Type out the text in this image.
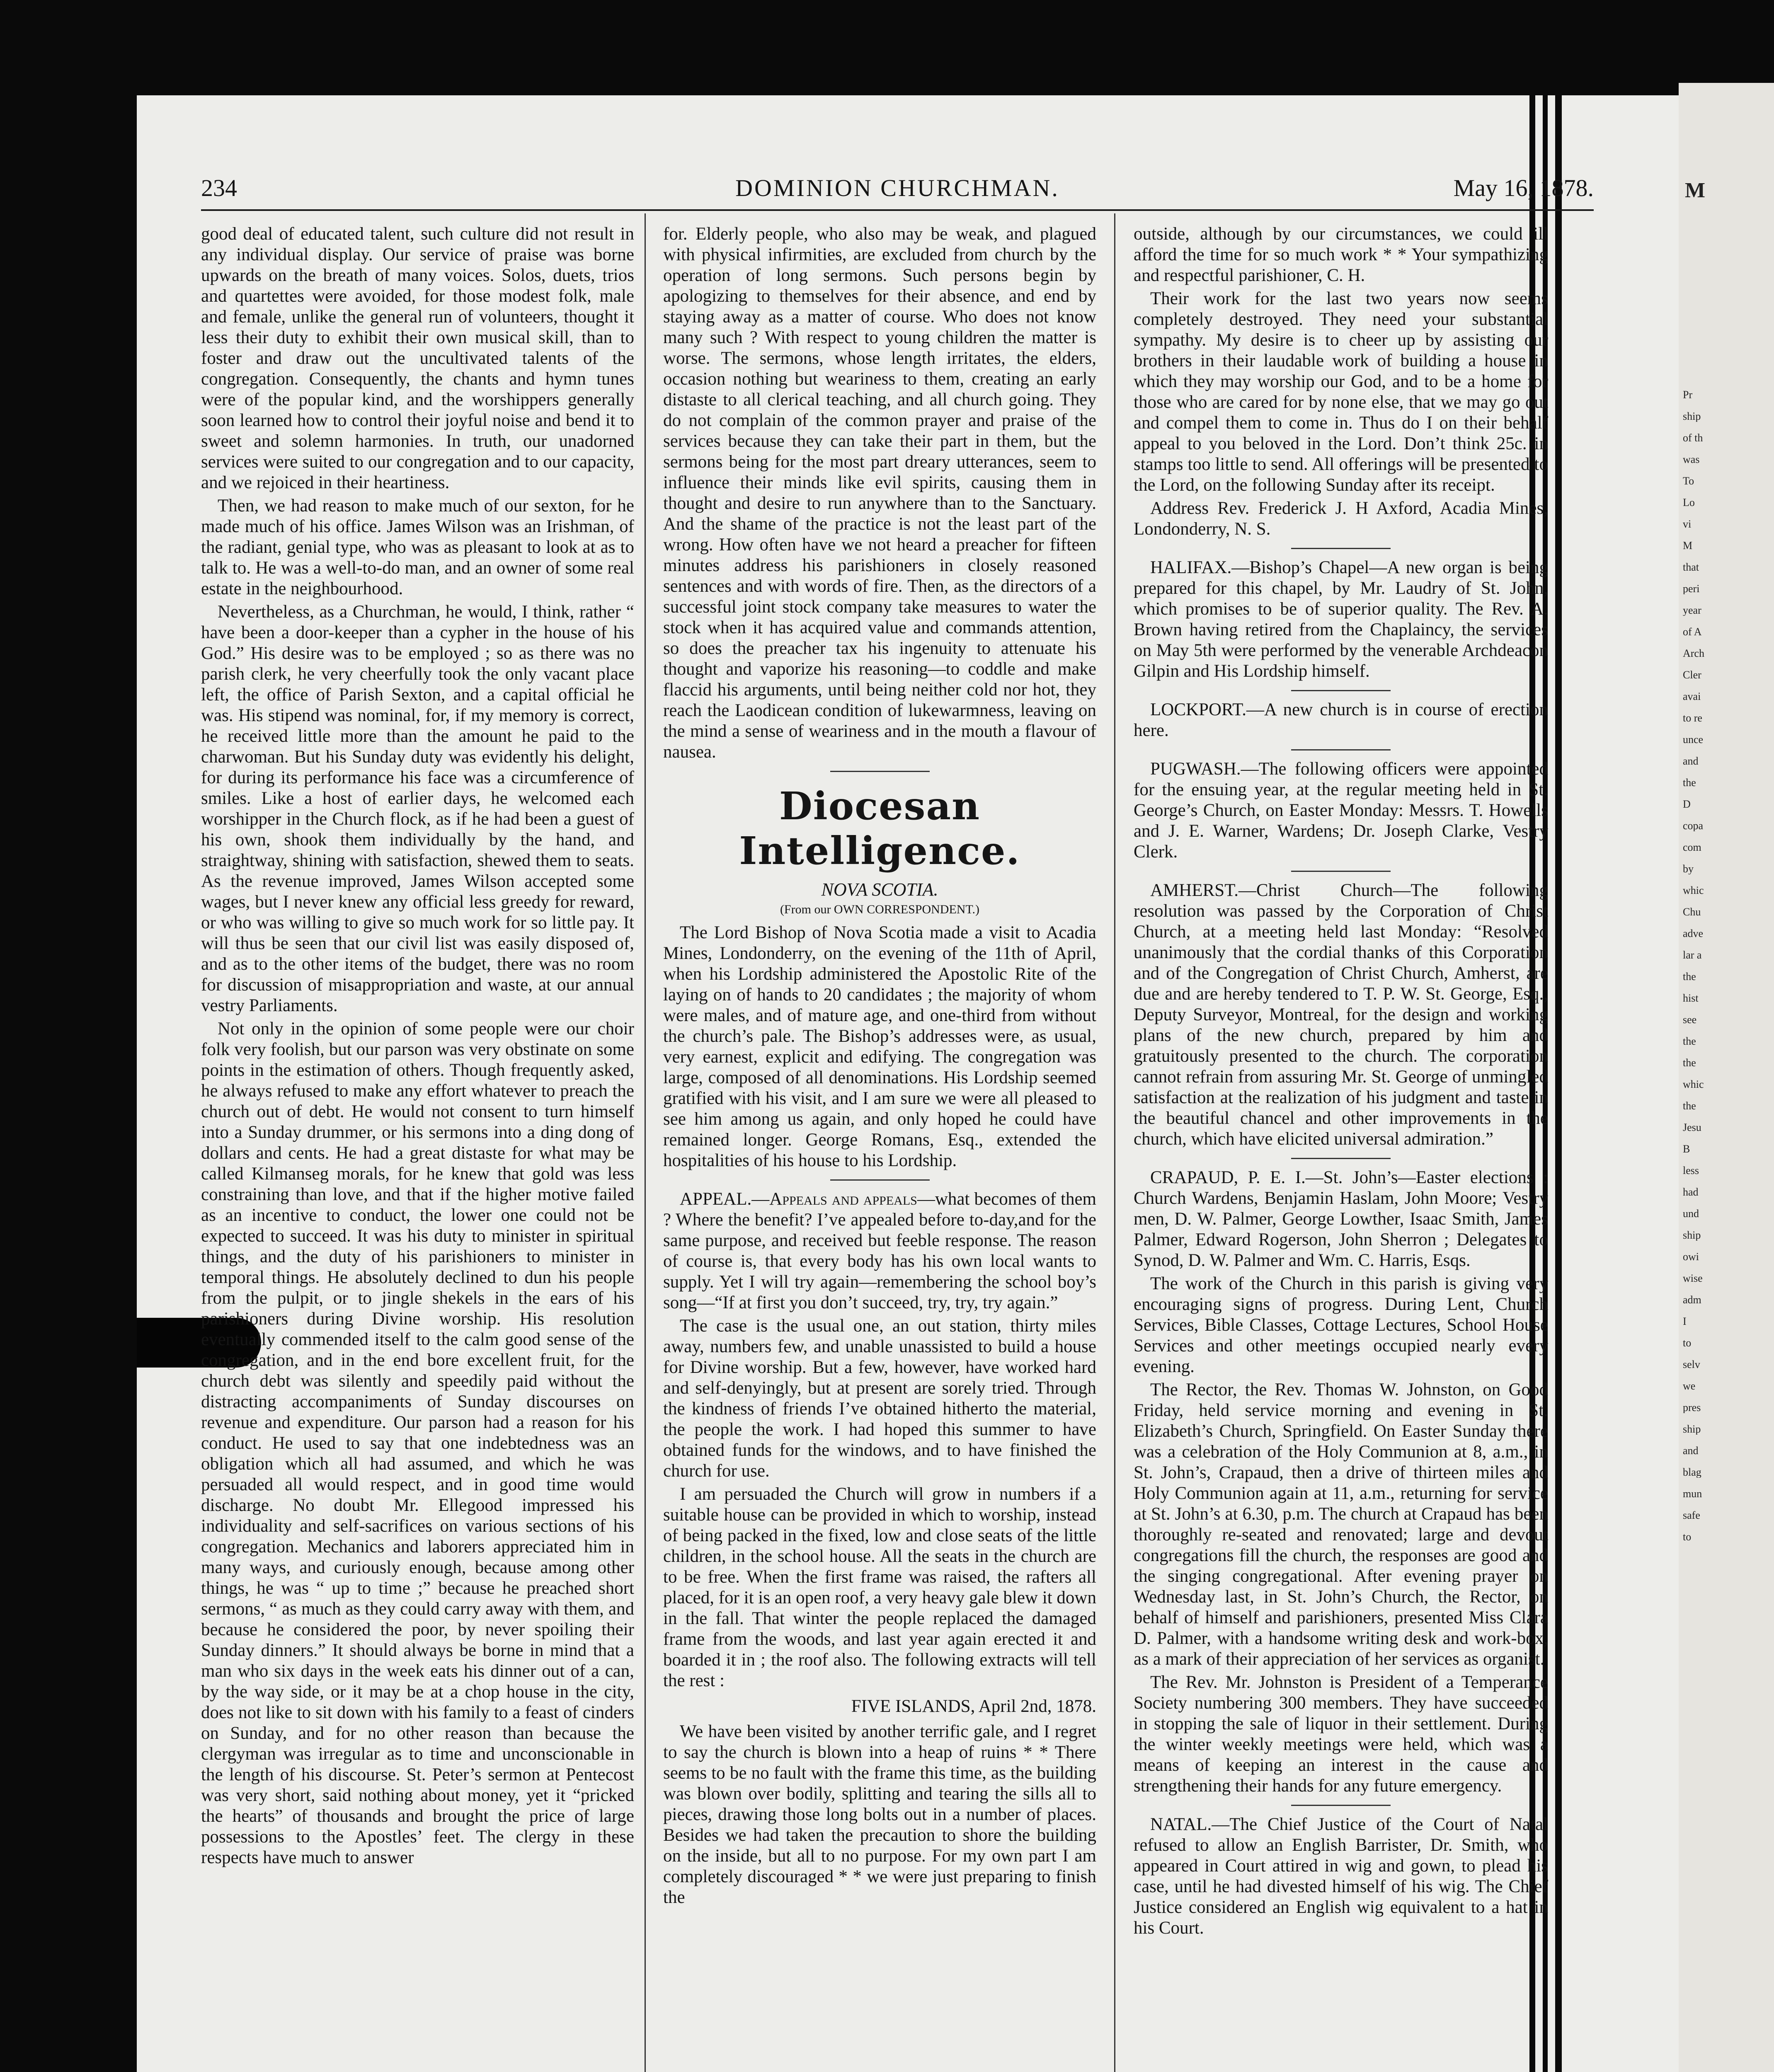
M
Pr
ship
of th
was
To
Lo
vi
M
that
peri
year
of A
Arch
Cler
avai
to re
unce
and
the
D
copa
com
by
whic
Chu
adve
lar a
the
hist
see
the
the
whic
the
Jesu
B
less
had
und
ship
owi
wise
adm
I
to
selv
we
pres
ship
and
blag
mun
safe
to
DOMINION CHURCHMAN.
234	May 16, 1878.

good deal of educated talent, such culture did not result in any individual display. Our service of praise was borne upwards on the breath of many voices. Solos, duets, trios and quartettes were avoided, for those modest folk, male and female, unlike the general run of volunteers, thought it less their duty to exhibit their own musical skill, than to foster and draw out the uncultivated talents of the congregation. Consequently, the chants and hymn tunes were of the popular kind, and the worshippers generally soon learned how to control their joyful noise and bend it to sweet and solemn harmonies. In truth, our unadorned services were suited to our congregation and to our capacity, and we rejoiced in their heartiness.

Then, we had reason to make much of our sexton, for he made much of his office. James Wilson was an Irishman, of the radiant, genial type, who was as pleasant to look at as to talk to. He was a well-to-do man, and an owner of some real estate in the neighbourhood.

Nevertheless, as a Churchman, he would, I think, rather “ have been a door-keeper than a cypher in the house of his God.” His desire was to be employed ; so as there was no parish clerk, he very cheerfully took the only vacant place left, the office of Parish Sexton, and a capital official he was. His stipend was nominal, for, if my memory is correct, he received little more than the amount he paid to the charwoman. But his Sunday duty was evidently his delight, for during its performance his face was a circumference of smiles. Like a host of earlier days, he welcomed each worshipper in the Church flock, as if he had been a guest of his own, shook them individually by the hand, and straightway, shining with satisfaction, shewed them to seats. As the revenue improved, James Wilson accepted some wages, but I never knew any official less greedy for reward, or who was willing to give so much work for so little pay. It will thus be seen that our civil list was easily disposed of, and as to the other items of the budget, there was no room for discussion of misappropriation and waste, at our annual vestry Parliaments.

Not only in the opinion of some people were our choir folk very foolish, but our parson was very obstinate on some points in the estimation of others. Though frequently asked, he always refused to make any effort whatever to preach the church out of debt. He would not consent to turn himself into a Sunday drummer, or his sermons into a ding dong of dollars and cents. He had a great distaste for what may be called Kilmanseg morals, for he knew that gold was less constraining than love, and that if the higher motive failed as an incentive to conduct, the lower one could not be expected to succeed. It was his duty to minister in spiritual things, and the duty of his parishioners to minister in temporal things. He absolutely declined to dun his people from the pulpit, or to jingle shekels in the ears of his parishioners during Divine worship. His resolution eventually commended itself to the calm good sense of the congregation, and in the end bore excellent fruit, for the church debt was silently and speedily paid without the distracting accompaniments of Sunday discourses on revenue and expenditure. Our parson had a reason for his conduct. He used to say that one indebtedness was an obligation which all had assumed, and which he was persuaded all would respect, and in good time would discharge. No doubt Mr. Ellegood impressed his individuality and self-sacrifices on various sections of his congregation. Mechanics and laborers appreciated him in many ways, and curiously enough, because among other things, he was “ up to time ;” because he preached short sermons, “ as much as they could carry away with them, and because he considered the poor, by never spoiling their Sunday dinners.” It should always be borne in mind that a man who six days in the week eats his dinner out of a can, by the way side, or it may be at a chop house in the city, does not like to sit down with his family to a feast of cinders on Sunday, and for no other reason than because the clergyman was irregular as to time and unconscionable in the length of his discourse. St. Peter’s sermon at Pentecost was very short, said nothing about money, yet it “pricked the hearts” of thousands and brought the price of large possessions to the Apostles’ feet. The clergy in these respects have much to answer

for. Elderly people, who also may be weak, and plagued with physical infirmities, are excluded from church by the operation of long sermons. Such persons begin by apologizing to themselves for their absence, and end by staying away as a matter of course. Who does not know many such ? With respect to young children the matter is worse. The sermons, whose length irritates, the elders, occasion nothing but weariness to them, creating an early distaste to all clerical teaching, and all church going. They do not complain of the common prayer and praise of the services because they can take their part in them, but the sermons being for the most part dreary utterances, seem to influence their minds like evil spirits, causing them in thought and desire to run anywhere than to the Sanctuary. And the shame of the practice is not the least part of the wrong. How often have we not heard a preacher for fifteen minutes address his parishioners in closely reasoned sentences and with words of fire. Then, as the directors of a successful joint stock company take measures to water the stock when it has acquired value and commands attention, so does the preacher tax his ingenuity to attenuate his thought and vaporize his reasoning—to coddle and make flaccid his arguments, until being neither cold nor hot, they reach the Laodicean condition of lukewarmness, leaving on the mind a sense of weariness and in the mouth a flavour of nausea.

Diocesan Intelligence.
NOVA SCOTIA.
(From our OWN CORRESPONDENT.)

The Lord Bishop of Nova Scotia made a visit to Acadia Mines, Londonderry, on the evening of the 11th of April, when his Lordship administered the Apostolic Rite of the laying on of hands to 20 candidates ; the majority of whom were males, and of mature age, and one-third from without the church’s pale. The Bishop’s addresses were, as usual, very earnest, explicit and edifying. The congregation was large, composed of all denominations. His Lordship seemed gratified with his visit, and I am sure we were all pleased to see him among us again, and only hoped he could have remained longer. George Romans, Esq., extended the hospitalities of his house to his Lordship.

APPEAL.—Appeals and appeals—what becomes of them ? Where the benefit? I’ve appealed before to-day,and for the same purpose, and received but feeble response. The reason of course is, that every body has his own local wants to supply. Yet I will try again—remembering the school boy’s song—“If at first you don’t succeed, try, try, try again.”

The case is the usual one, an out station, thirty miles away, numbers few, and unable unassisted to build a house for Divine worship. But a few, however, have worked hard and self-denyingly, but at present are sorely tried. Through the kindness of friends I’ve obtained hitherto the material, the people the work. I had hoped this summer to have obtained funds for the windows, and to have finished the church for use.

I am persuaded the Church will grow in numbers if a suitable house can be provided in which to worship, instead of being packed in the fixed, low and close seats of the little children, in the school house. All the seats in the church are to be free. When the first frame was raised, the rafters all placed, for it is an open roof, a very heavy gale blew it down in the fall. That winter the people replaced the damaged frame from the woods, and last year again erected it and boarded it in ; the roof also. The following extracts will tell the rest :

FIVE ISLANDS, April 2nd, 1878.

We have been visited by another terrific gale, and I regret to say the church is blown into a heap of ruins * * There seems to be no fault with the frame this time, as the building was blown over bodily, splitting and tearing the sills all to pieces, drawing those long bolts out in a number of places. Besides we had taken the precaution to shore the building on the inside, but all to no purpose. For my own part I am completely discouraged * * we were just preparing to finish the

outside, although by our circumstances, we could ill afford the time for so much work * * Your sympathizing and respectful parishioner, C. H.

Their work for the last two years now seems completely destroyed. They need your substantial sympathy. My desire is to cheer up by assisting our brothers in their laudable work of building a house in which they may worship our God, and to be a home for those who are cared for by none else, that we may go out and compel them to come in. Thus do I on their behalf appeal to you beloved in the Lord. Don’t think 25c. in stamps too little to send. All offerings will be presented to the Lord, on the following Sunday after its receipt.

Address Rev. Frederick J. H Axford, Acadia Mines, Londonderry, N. S.

HALIFAX.—Bishop’s Chapel—A new organ is being prepared for this chapel, by Mr. Laudry of St. John, which promises to be of superior quality. The Rev. A. Brown having retired from the Chaplaincy, the services on May 5th were performed by the venerable Archdeacon Gilpin and His Lordship himself.

LOCKPORT.—A new church is in course of erection here.

PUGWASH.—The following officers were appointed for the ensuing year, at the regular meeting held in St. George’s Church, on Easter Monday: Messrs. T. Howells and J. E. Warner, Wardens; Dr. Joseph Clarke, Vestry Clerk.

AMHERST.—Christ Church—The following resolution was passed by the Corporation of Christ Church, at a meeting held last Monday: “Resolved unanimously that the cordial thanks of this Corporation and of the Congregation of Christ Church, Amherst, are due and are hereby tendered to T. P. W. St. George, Esq., Deputy Surveyor, Montreal, for the design and working plans of the new church, prepared by him and gratuitously presented to the church. The corporation cannot refrain from assuring Mr. St. George of unmingled satisfaction at the realization of his judgment and taste in the beautiful chancel and other improvements in the church, which have elicited universal admiration.”

CRAPAUD, P. E. I.—St. John’s—Easter elections : Church Wardens, Benjamin Haslam, John Moore; Vestry men, D. W. Palmer, George Lowther, Isaac Smith, James Palmer, Edward Rogerson, John Sherron ; Delegates to Synod, D. W. Palmer and Wm. C. Harris, Esqs.

The work of the Church in this parish is giving very encouraging signs of progress. During Lent, Church Services, Bible Classes, Cottage Lectures, School House Services and other meetings occupied nearly every evening.

The Rector, the Rev. Thomas W. Johnston, on Good Friday, held service morning and evening in St. Elizabeth’s Church, Springfield. On Easter Sunday there was a celebration of the Holy Communion at 8, a.m., in St. John’s, Crapaud, then a drive of thirteen miles and Holy Communion again at 11, a.m., returning for service at St. John’s at 6.30, p.m. The church at Crapaud has been thoroughly re-seated and renovated; large and devout congregations fill the church, the responses are good and the singing congregational. After evening prayer on Wednesday last, in St. John’s Church, the Rector, on behalf of himself and parishioners, presented Miss Clara D. Palmer, with a handsome writing desk and work-box, as a mark of their appreciation of her services as organist.

The Rev. Mr. Johnston is President of a Temperance Society numbering 300 members. They have succeeded in stopping the sale of liquor in their settlement. During the winter weekly meetings were held, which was a means of keeping an interest in the cause and strengthening their hands for any future emergency.

NATAL.—The Chief Justice of the Court of Natal refused to allow an English Barrister, Dr. Smith, who appeared in Court attired in wig and gown, to plead his case, until he had divested himself of his wig. The Chief Justice considered an English wig equivalent to a hat in his Court.
